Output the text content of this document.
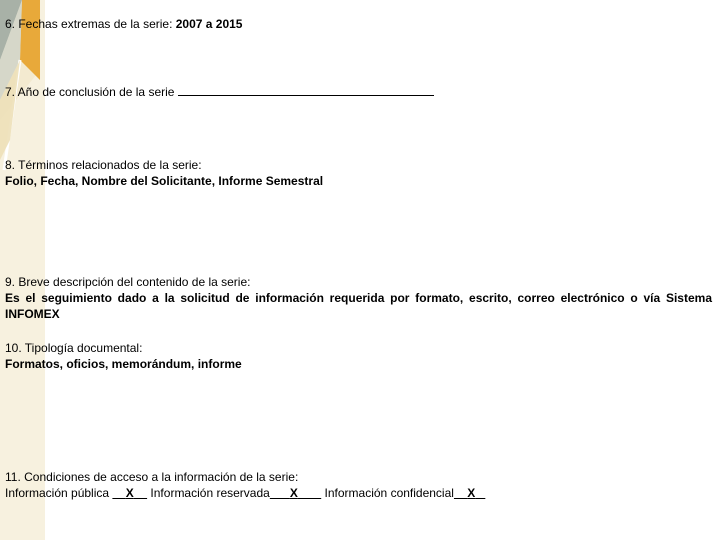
6. Fechas extremas de la serie: 2007 a 2015
7. Año de conclusión de la serie
8. Términos relacionados de la serie:
Folio, Fecha, Nombre del Solicitante, Informe Semestral
9. Breve descripción del contenido de la serie:
Es el seguimiento dado a la solicitud de información requerida por formato, escrito, correo electrónico o vía Sistema INFOMEX
10. Tipología documental:
Formatos, oficios, memorándum, informe
11. Condiciones de acceso a la información de la serie:
Información pública     X     Información reservada X        Información confidencial X
